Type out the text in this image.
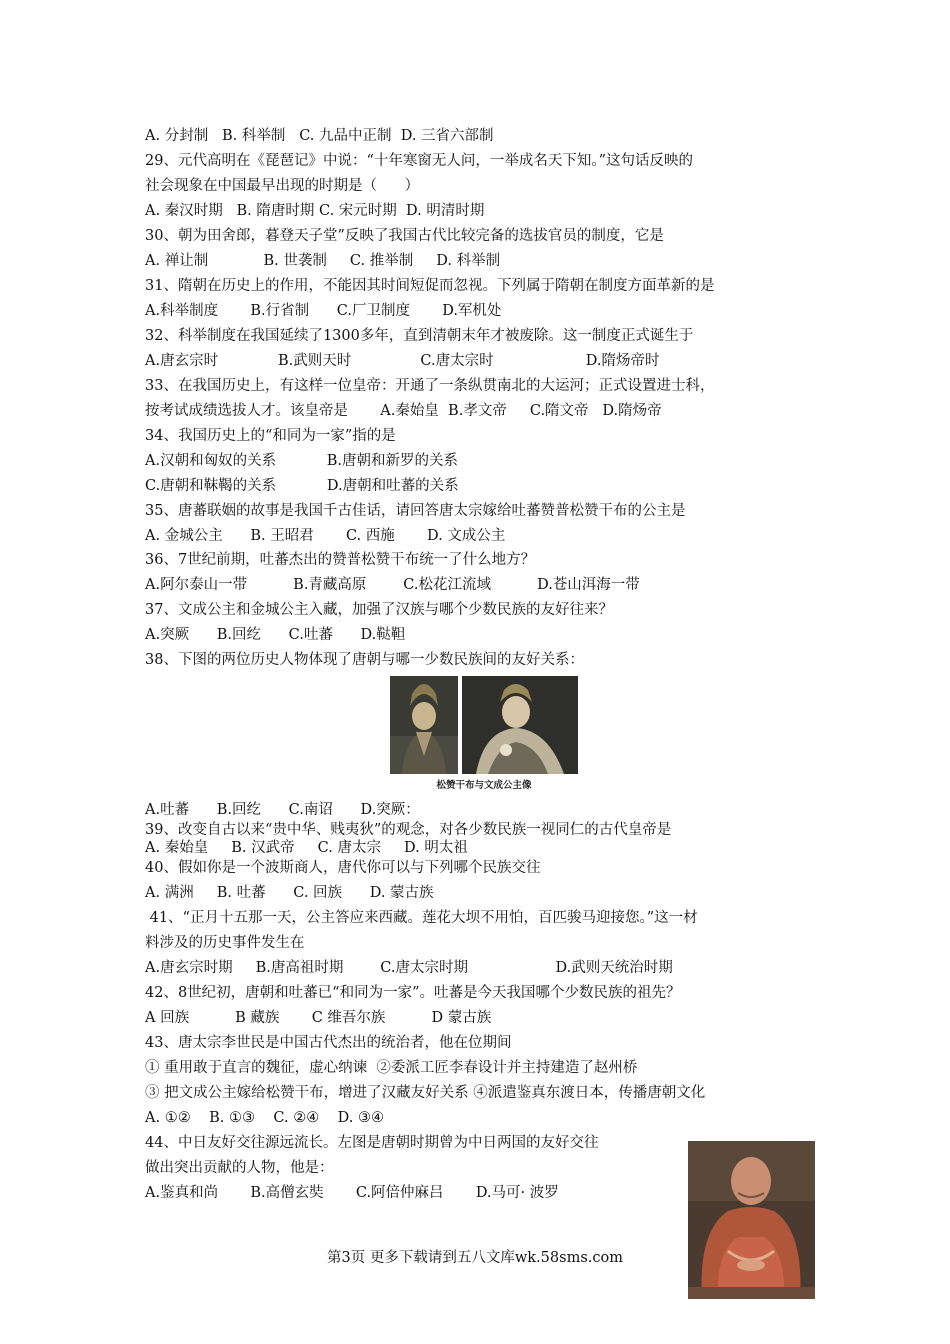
A. 分封制   B. 科举制   C. 九品中正制  D. 三省六部制
29、元代高明在《琵琶记》中说：“十年寒窗无人问，一举成名天下知。”这句话反映的
社会现象在中国最早出现的时期是（      ）
A. 秦汉时期   B. 隋唐时期 C. 宋元时期  D. 明清时期
30、朝为田舍郎，暮登天子堂”反映了我国古代比较完备的选拔官员的制度，它是
A. 禅让制            B. 世袭制     C. 推举制     D. 科举制
31、隋朝在历史上的作用，不能因其时间短促而忽视。下列属于隋朝在制度方面革新的是
A.科举制度       B.行省制      C.厂卫制度       D.军机处
32、科举制度在我国延续了1300多年，直到清朝末年才被废除。这一制度正式诞生于
A.唐玄宗时             B.武则天时               C.唐太宗时                    D.隋炀帝时
33、在我国历史上，有这样一位皇帝：开通了一条纵贯南北的大运河；正式设置进士科，
按考试成绩选拔人才。该皇帝是       A.秦始皇  B.孝文帝     C.隋文帝   D.隋炀帝
34、我国历史上的“和同为一家”指的是
A.汉朝和匈奴的关系           B.唐朝和新罗的关系
C.唐朝和靺鞨的关系           D.唐朝和吐蕃的关系
35、唐蕃联姻的故事是我国千古佳话，请回答唐太宗嫁给吐蕃赞普松赞干布的公主是
A. 金城公主      B. 王昭君       C. 西施       D. 文成公主
36、7世纪前期，吐蕃杰出的赞普松赞干布统一了什么地方？
A.阿尔泰山一带          B.青藏高原        C.松花江流域          D.苍山洱海一带
37、文成公主和金城公主入藏，加强了汉族与哪个少数民族的友好往来？
A.突厥      B.回纥      C.吐蕃      D.鞑靼
38、下图的两位历史人物体现了唐朝与哪一少数民族间的友好关系：
松赞干布与文成公主像
A.吐蕃      B.回纥      C.南诏      D.突厥：
39、改变自古以来“贵中华、贱夷狄”的观念，对各少数民族一视同仁的古代皇帝是
A. 秦始皇     B. 汉武帝     C. 唐太宗     D. 明太祖
40、假如你是一个波斯商人，唐代你可以与下列哪个民族交往
A. 满洲     B. 吐蕃      C. 回族      D. 蒙古族
41、“正月十五那一天，公主答应来西藏。莲花大坝不用怕，百匹骏马迎接您。”这一材
料涉及的历史事件发生在
A.唐玄宗时期     B.唐高祖时期        C.唐太宗时期                   D.武则天统治时期
42、8世纪初，唐朝和吐蕃已“和同为一家”。吐蕃是今天我国哪个少数民族的祖先？
A 回族          B 藏族       C 维吾尔族          D 蒙古族
43、唐太宗李世民是中国古代杰出的统治者，他在位期间
① 重用敢于直言的魏征，虚心纳谏  ②委派工匠李春设计并主持建造了赵州桥
③ 把文成公主嫁给松赞干布，增进了汉藏友好关系 ④派遣鉴真东渡日本，传播唐朝文化
A. ①②    B. ①③    C. ②④    D. ③④
44、中日友好交往源远流长。左图是唐朝时期曾为中日两国的友好交往
做出突出贡献的人物，他是：
A.鉴真和尚       B.高僧玄奘       C.阿倍仲麻吕       D.马可· 波罗
第3页 更多下载请到五八文库wk.58sms.com
